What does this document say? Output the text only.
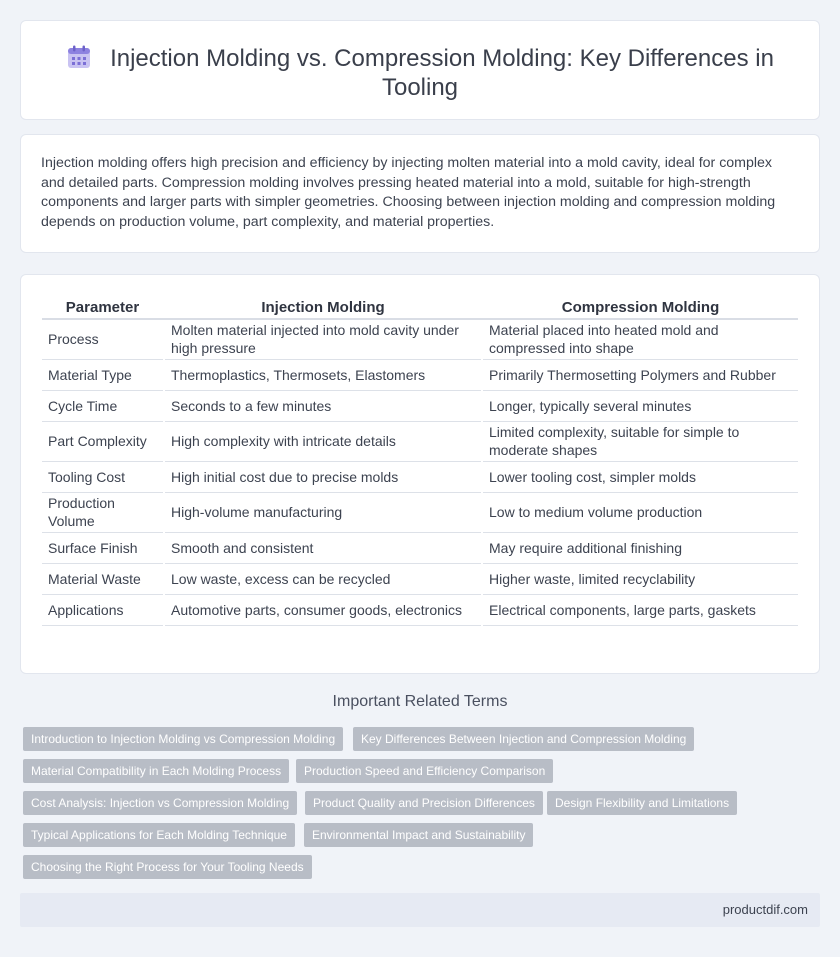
Injection Molding vs. Compression Molding: Key Differences in Tooling

Injection molding offers high precision and efficiency by injecting molten material into a mold cavity, ideal for complex and detailed parts. Compression molding involves pressing heated material into a mold, suitable for high-strength components and larger parts with simpler geometries. Choosing between injection molding and compression molding depends on production volume, part complexity, and material properties.

Parameter	Injection Molding	Compression Molding
Process	Molten material injected into mold cavity under high pressure	Material placed into heated mold and compressed into shape
Material Type	Thermoplastics, Thermosets, Elastomers	Primarily Thermosetting Polymers and Rubber
Cycle Time	Seconds to a few minutes	Longer, typically several minutes
Part Complexity	High complexity with intricate details	Limited complexity, suitable for simple to moderate shapes
Tooling Cost	High initial cost due to precise molds	Lower tooling cost, simpler molds
Production Volume	High-volume manufacturing	Low to medium volume production
Surface Finish	Smooth and consistent	May require additional finishing
Material Waste	Low waste, excess can be recycled	Higher waste, limited recyclability
Applications	Automotive parts, consumer goods, electronics	Electrical components, large parts, gaskets
Important Related Terms
Introduction to Injection Molding vs Compression Molding	Key Differences Between Injection and Compression Molding
Material Compatibility in Each Molding Process	Production Speed and Efficiency Comparison
Cost Analysis: Injection vs Compression Molding	Product Quality and Precision Differences	Design Flexibility and Limitations
Typical Applications for Each Molding Technique	Environmental Impact and Sustainability
Choosing the Right Process for Your Tooling Needs
productdif.com
